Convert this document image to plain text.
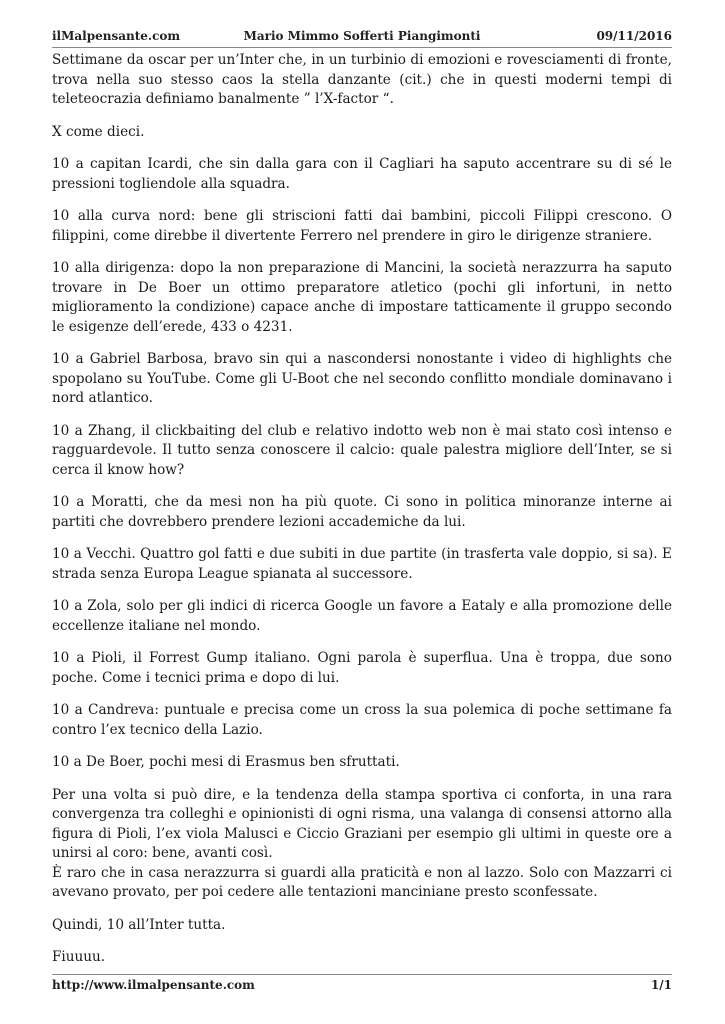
ilMalpensante.com	Mario Mimmo Sofferti Piangimonti	09/11/2016

Settimane da oscar per un’Inter che, in un turbinio di emozioni e rovesciamenti di fronte, trova nella suo stesso caos la stella danzante (cit.) che in questi moderni tempi di teleteocrazia definiamo banalmente ” l’X-factor “.

X come dieci.

10 a capitan Icardi, che sin dalla gara con il Cagliari ha saputo accentrare su di sé le pressioni togliendole alla squadra.

10 alla curva nord: bene gli striscioni fatti dai bambini, piccoli Filippi crescono. O filippini, come direbbe il divertente Ferrero nel prendere in giro le dirigenze straniere.

10 alla dirigenza: dopo la non preparazione di Mancini, la società nerazzurra ha saputo trovare in De Boer un ottimo preparatore atletico (pochi gli infortuni, in netto miglioramento la condizione) capace anche di impostare tatticamente il gruppo secondo le esigenze dell’erede, 433 o 4231.

10 a Gabriel Barbosa, bravo sin qui a nascondersi nonostante i video di highlights che spopolano su YouTube. Come gli U-Boot che nel secondo conflitto mondiale dominavano i nord atlantico.

10 a Zhang, il clickbaiting del club e relativo indotto web non è mai stato così intenso e ragguardevole. Il tutto senza conoscere il calcio: quale palestra migliore dell’Inter, se si cerca il know how?

10 a Moratti, che da mesi non ha più quote. Ci sono in politica minoranze interne ai partiti che dovrebbero prendere lezioni accademiche da lui.

10 a Vecchi. Quattro gol fatti e due subiti in due partite (in trasferta vale doppio, si sa). E strada senza Europa League spianata al successore.

10 a Zola, solo per gli indici di ricerca Google un favore a Eataly e alla promozione delle eccellenze italiane nel mondo.

10 a Pioli, il Forrest Gump italiano. Ogni parola è superflua. Una è troppa, due sono poche. Come i tecnici prima e dopo di lui.

10 a Candreva: puntuale e precisa come un cross la sua polemica di poche settimane fa contro l’ex tecnico della Lazio.

10 a De Boer, pochi mesi di Erasmus ben sfruttati.

Per una volta si può dire, e la tendenza della stampa sportiva ci conforta, in una rara convergenza tra colleghi e opinionisti di ogni risma, una valanga di consensi attorno alla figura di Pioli, l’ex viola Malusci e Ciccio Graziani per esempio gli ultimi in queste ore a unirsi al coro: bene, avanti così.
È raro che in casa nerazzurra si guardi alla praticità e non al lazzo. Solo con Mazzarri ci avevano provato, per poi cedere alle tentazioni manciniane presto sconfessate.

Quindi, 10 all’Inter tutta.

Fiuuuu.

http://www.ilmalpensante.com	1/1
